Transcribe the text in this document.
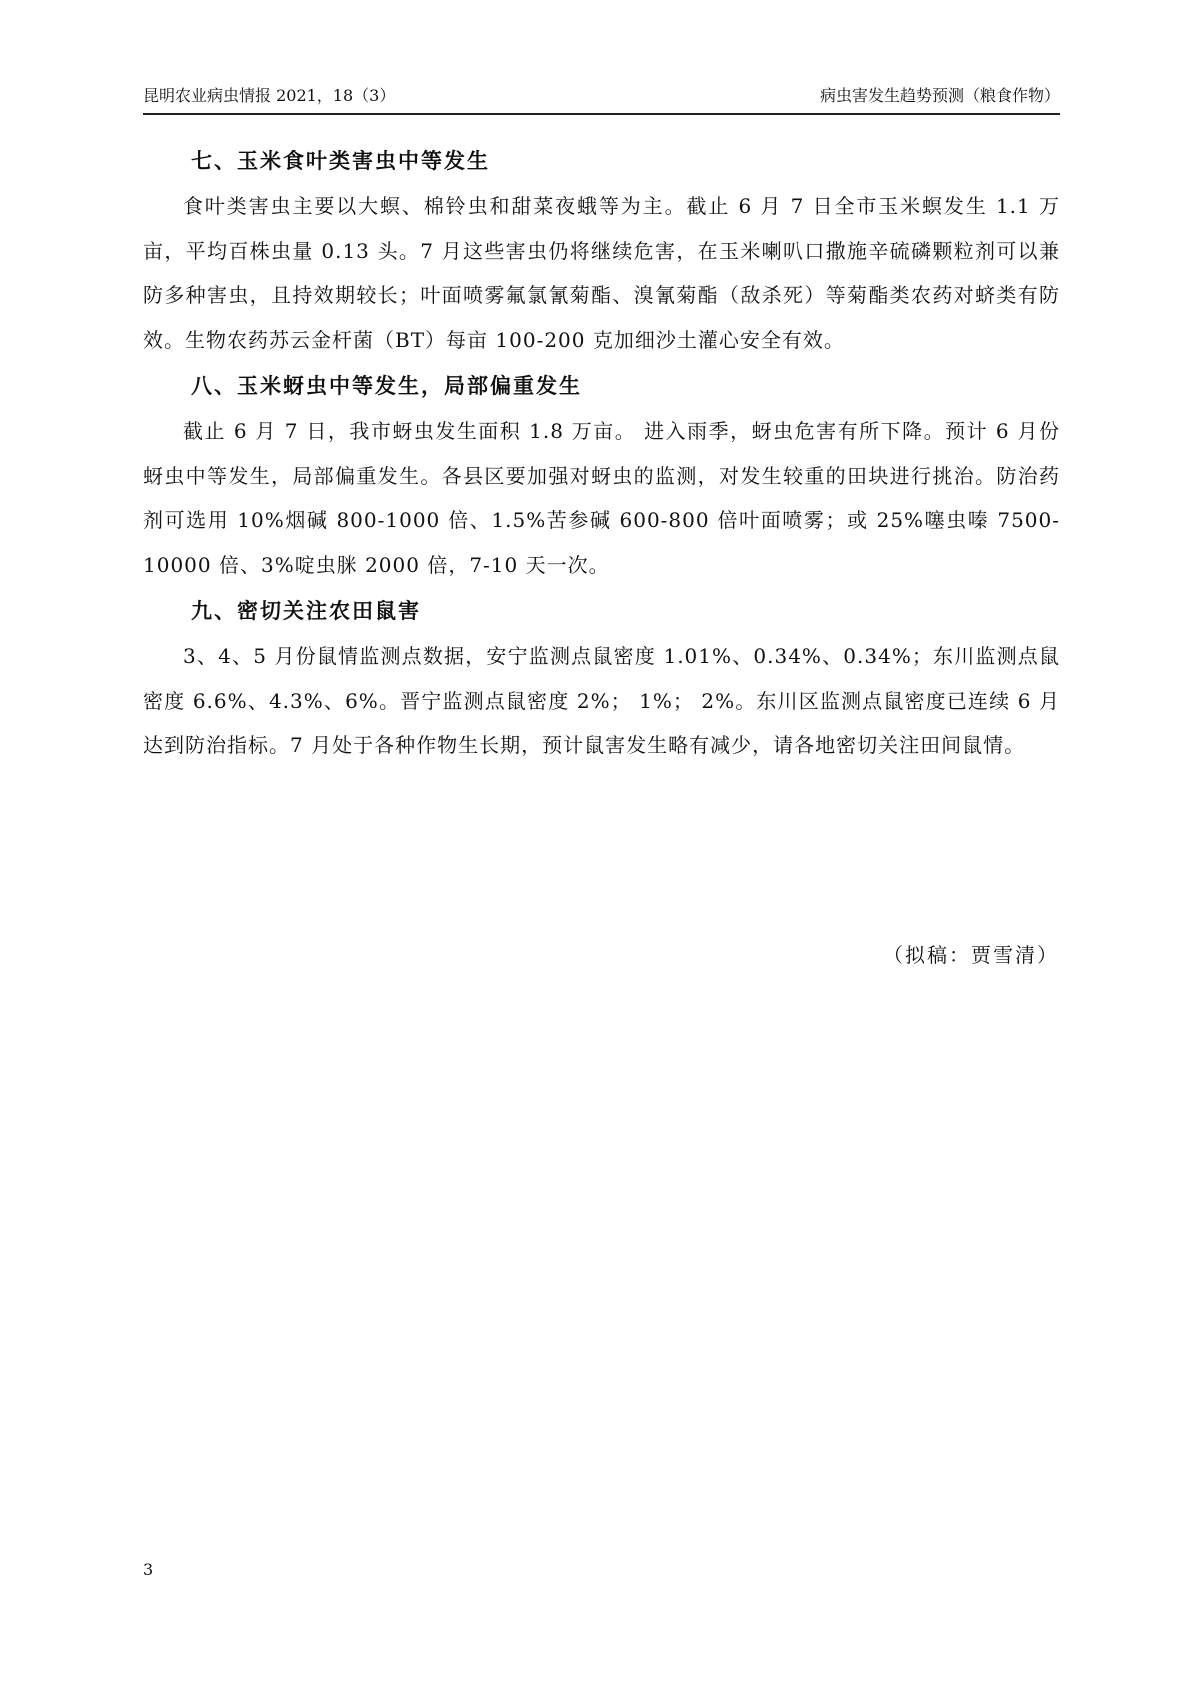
昆明农业病虫情报 2021，18（3）	病虫害发生趋势预测（粮食作物）
七、玉米食叶类害虫中等发生

食叶类害虫主要以大螟、棉铃虫和甜菜夜蛾等为主。截止 6 月 7 日全市玉米螟发生 1.1 万亩，平均百株虫量 0.13 头。7 月这些害虫仍将继续危害，在玉米喇叭口撒施辛硫磷颗粒剂可以兼防多种害虫，且持效期较长；叶面喷雾氟氯氰菊酯、溴氰菊酯（敌杀死）等菊酯类农药对蛴类有防效。生物农药苏云金杆菌（BT）每亩 100-200 克加细沙土灌心安全有效。

八、玉米蚜虫中等发生，局部偏重发生

截止 6 月 7 日，我市蚜虫发生面积 1.8 万亩。 进入雨季，蚜虫危害有所下降。预计 6 月份蚜虫中等发生，局部偏重发生。各县区要加强对蚜虫的监测，对发生较重的田块进行挑治。防治药剂可选用 10%烟碱 800-1000 倍、1.5%苦参碱 600-800 倍叶面喷雾；或 25%噻虫嗪 7500-10000 倍、3%啶虫脒 2000 倍，7-10 天一次。

九、密切关注农田鼠害

3、4、5 月份鼠情监测点数据，安宁监测点鼠密度 1.01%、0.34%、0.34%；东川监测点鼠密度 6.6%、4.3%、6%。晋宁监测点鼠密度 2%； 1%； 2%。东川区监测点鼠密度已连续 6 月达到防治指标。7 月处于各种作物生长期，预计鼠害发生略有减少，请各地密切关注田间鼠情。

（拟稿：贾雪清）
3
